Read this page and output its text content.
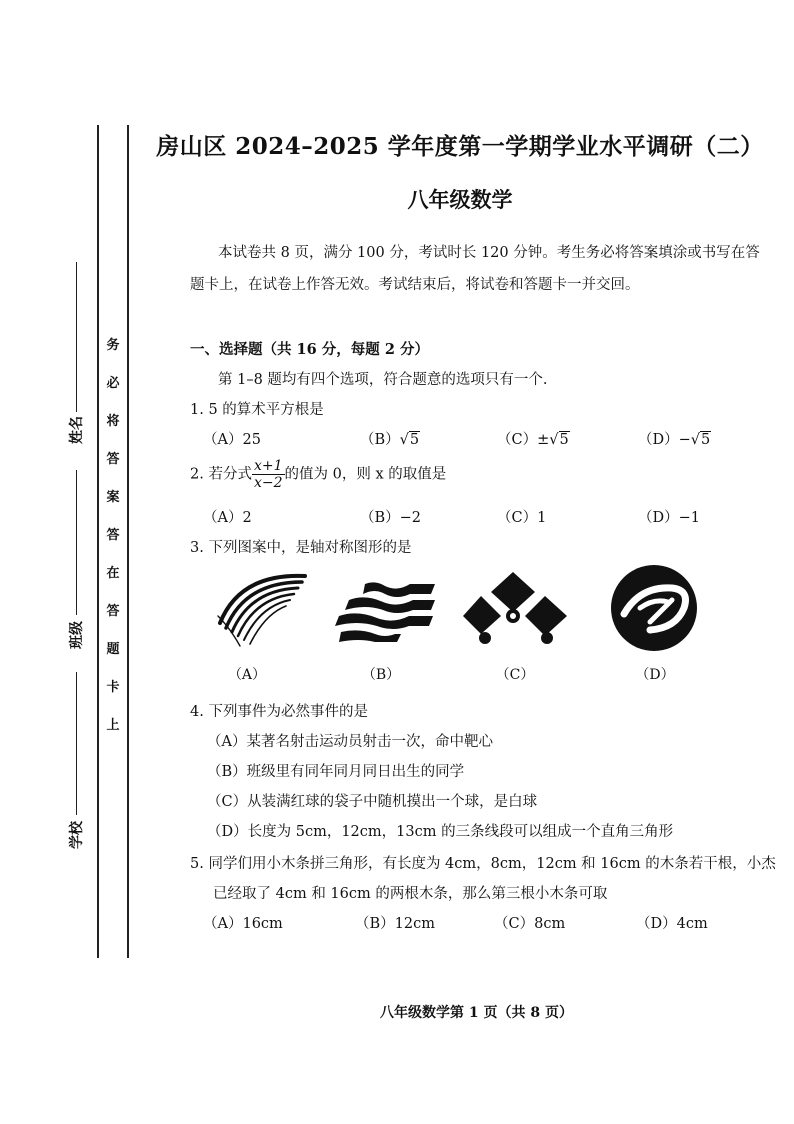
姓名
班级
学校
务
必
将
答
案
答
在
答
题
卡
上
房山区 2024–2025 学年度第一学期学业水平调研（二）
八年级数学
本试卷共 8 页，满分 100 分，考试时长 120 分钟。考生务必将答案填涂或书写在答
题卡上，在试卷上作答无效。考试结束后，将试卷和答题卡一并交回。
一、选择题（共 16 分，每题 2 分）
第 1–8 题均有四个选项，符合题意的选项只有一个.
1. 5 的算术平方根是
（A）25	（B）√5	（C）±√5	（D）−√5
2. 若分式 $\frac{x+1}{x-2}$ 的值为 0，则 x 的取值是
（A）2	（B）−2	（C）1	（D）−1
3. 下列图案中，是轴对称图形的是
（A）	（B）	（C）	（D）
4. 下列事件为必然事件的是
（A）某著名射击运动员射击一次，命中靶心
（B）班级里有同年同月同日出生的同学
（C）从装满红球的袋子中随机摸出一个球，是白球
（D）长度为 5cm，12cm，13cm 的三条线段可以组成一个直角三角形
5. 同学们用小木条拼三角形，有长度为 4cm，8cm，12cm 和 16cm 的木条若干根，小杰
已经取了 4cm 和 16cm 的两根木条，那么第三根小木条可取
（A）16cm	（B）12cm	（C）8cm	（D）4cm
八年级数学第 1 页（共 8 页）
